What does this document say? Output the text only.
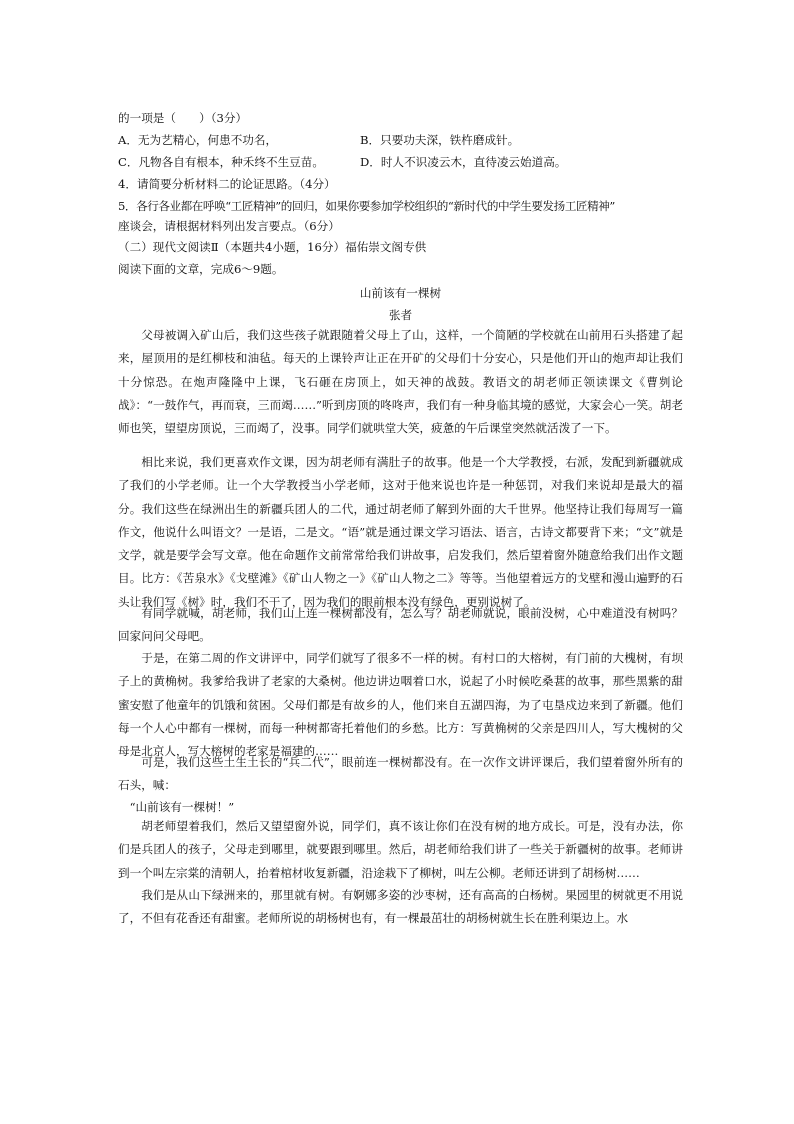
的一项是（　　）（3分）
A．无为艺精心，何患不功名，	B．只要功夫深，铁杵磨成针。
C．凡物各自有根本，种禾终不生豆苗。	D．时人不识凌云木，直待凌云始道高。
4．请简要分析材料二的论证思路。（4分）
5．各行各业都在呼唤“工匠精神”的回归，如果你要参加学校组织的“新时代的中学生要发扬工匠精神”
座谈会，请根据材料列出发言要点。（6分）
（二）现代文阅读Ⅱ（本题共4小题，16分）福佑崇文阁专供
阅读下面的文章，完成6～9题。
山前该有一棵树
张者

父母被调入矿山后，我们这些孩子就跟随着父母上了山，这样，一个简陋的学校就在山前用石头搭建了起来，屋顶用的是红柳枝和油毡。每天的上课铃声让正在开矿的父母们十分安心，只是他们开山的炮声却让我们十分惊恐。在炮声隆隆中上课，飞石砸在房顶上，如天神的战鼓。教语文的胡老师正领读课文《曹刿论战》：“一鼓作气，再而衰，三而竭……”听到房顶的咚咚声，我们有一种身临其境的感觉，大家会心一笑。胡老师也笑，望望房顶说，三而竭了，没事。同学们就哄堂大笑，疲惫的午后课堂突然就活泼了一下。

相比来说，我们更喜欢作文课，因为胡老师有满肚子的故事。他是一个大学教授，右派，发配到新疆就成了我们的小学老师。让一个大学教授当小学老师，这对于他来说也许是一种惩罚，对我们来说却是最大的福分。我们这些在绿洲出生的新疆兵团人的二代，通过胡老师了解到外面的大千世界。他坚持让我们每周写一篇作文，他说什么叫语文？一是语，二是文。“语”就是通过课文学习语法、语言，古诗文都要背下来；“文”就是文学，就是要学会写文章。他在命题作文前常常给我们讲故事，启发我们，然后望着窗外随意给我们出作文题目。比方：《苦泉水》《戈壁滩》《矿山人物之一》《矿山人物之二》等等。当他望着远方的戈壁和漫山遍野的石头让我们写《树》时，我们不干了，因为我们的眼前根本没有绿色，更别说树了。

有同学就喊，胡老师，我们山上连一棵树都没有，怎么写？胡老师就说，眼前没树，心中难道没有树吗？回家问问父母吧。

于是，在第二周的作文讲评中，同学们就写了很多不一样的树。有村口的大榕树，有门前的大槐树，有坝子上的黄桷树。我爹给我讲了老家的大桑树。他边讲边咽着口水，说起了小时候吃桑葚的故事，那些黑紫的甜蜜安慰了他童年的饥饿和贫困。父母们都是有故乡的人，他们来自五湖四海，为了屯垦戍边来到了新疆。他们每一个人心中都有一棵树，而每一种树都寄托着他们的乡愁。比方：写黄桷树的父亲是四川人，写大槐树的父母是北京人，写大榕树的老家是福建的……

可是，我们这些土生土长的“兵二代”，眼前连一棵树都没有。在一次作文讲评课后，我们望着窗外所有的石头，喊：

“山前该有一棵树！”

胡老师望着我们，然后又望望窗外说，同学们，真不该让你们在没有树的地方成长。可是，没有办法，你们是兵团人的孩子，父母走到哪里，就要跟到哪里。然后，胡老师给我们讲了一些关于新疆树的故事。老师讲到一个叫左宗棠的清朝人，抬着棺材收复新疆，沿途栽下了柳树，叫左公柳。老师还讲到了胡杨树……

我们是从山下绿洲来的，那里就有树。有婀娜多姿的沙枣树，还有高高的白杨树。果园里的树就更不用说了，不但有花香还有甜蜜。老师所说的胡杨树也有，有一棵最茁壮的胡杨树就生长在胜利渠边上。水
